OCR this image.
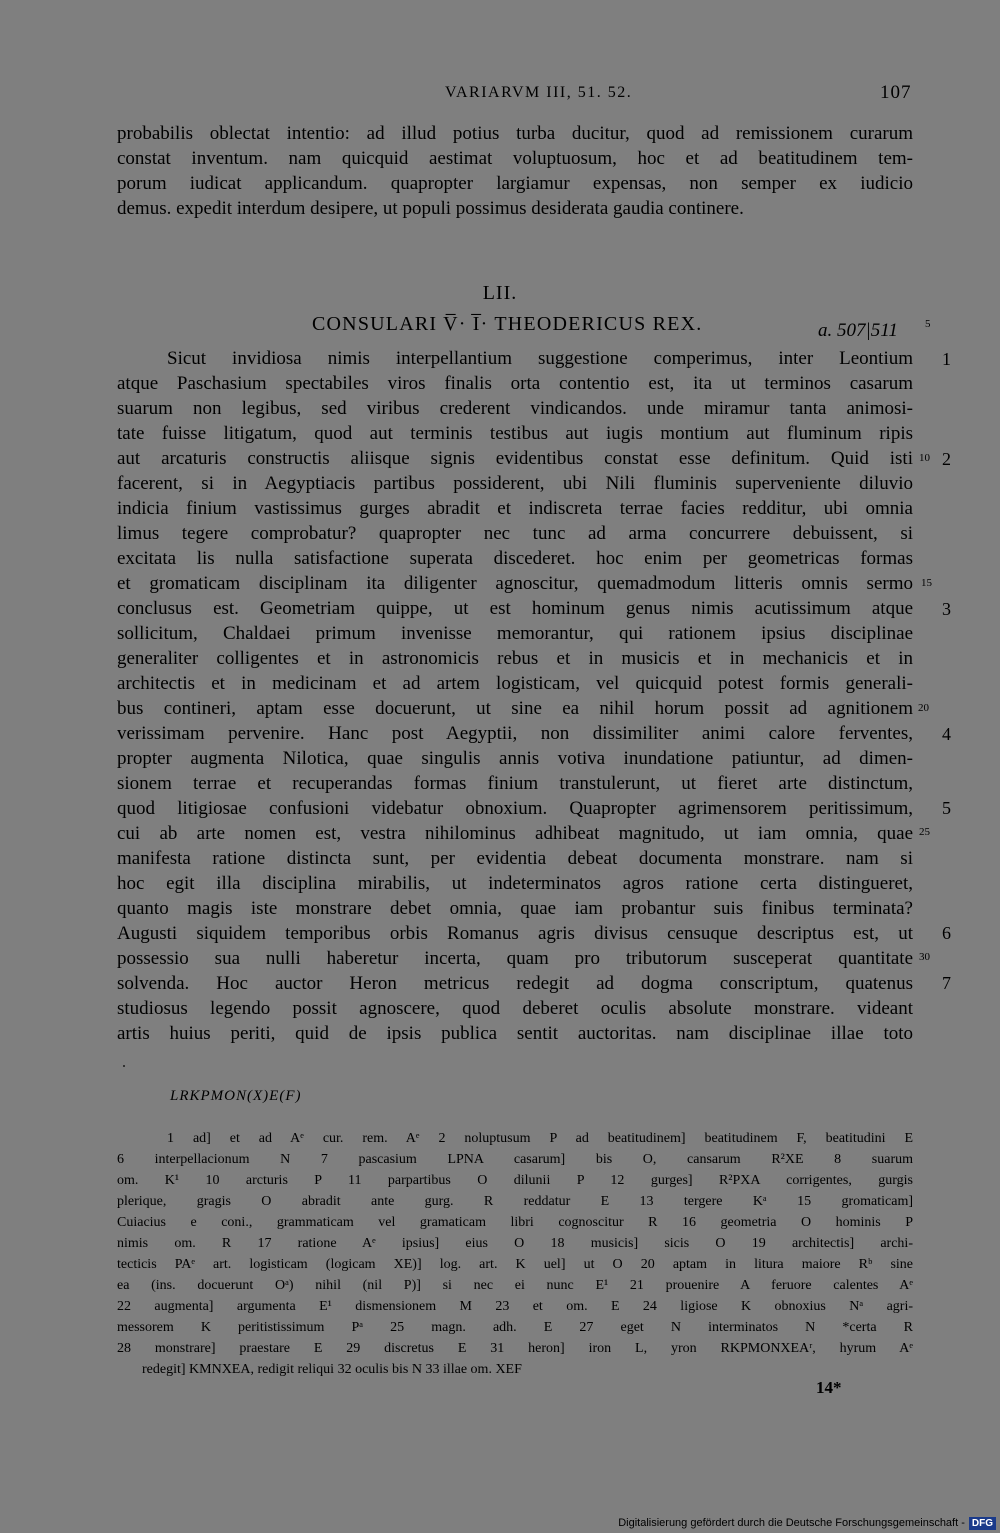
VARIARVM III, 51. 52.	107
probabilis oblectat intentio: ad illud potius turba ducitur, quod ad remissionem curarum
constat inventum. nam quicquid aestimat voluptuosum, hoc et ad beatitudinem tem-
porum iudicat applicandum. quapropter largiamur expensas, non semper ex iudicio
demus. expedit interdum desipere, ut populi possimus desiderata gaudia continere.
LII.
CONSULARI V̅· I̅· THEODERICUS REX.	a. 507|511 5
Sicut invidiosa nimis interpellantium suggestione comperimus, inter Leontium
atque Paschasium spectabiles viros finalis orta contentio est, ita ut terminos casarum
suarum non legibus, sed viribus crederent vindicandos. unde miramur tanta animosi-
tate fuisse litigatum, quod aut terminis testibus aut iugis montium aut fluminum ripis
aut arcaturis constructis aliisque signis evidentibus constat esse definitum. Quid isti
facerent, si in Aegyptiacis partibus possiderent, ubi Nili fluminis superveniente diluvio
indicia finium vastissimus gurges abradit et indiscreta terrae facies redditur, ubi omnia
limus tegere comprobatur? quapropter nec tunc ad arma concurrere debuissent, si
excitata lis nulla satisfactione superata discederet. hoc enim per geometricas formas
et gromaticam disciplinam ita diligenter agnoscitur, quemadmodum litteris omnis sermo
conclusus est. Geometriam quippe, ut est hominum genus nimis acutissimum atque
sollicitum, Chaldaei primum invenisse memorantur, qui rationem ipsius disciplinae
generaliter colligentes et in astronomicis rebus et in musicis et in mechanicis et in
architectis et in medicinam et ad artem logisticam, vel quicquid potest formis generali-
bus contineri, aptam esse docuerunt, ut sine ea nihil horum possit ad agnitionem
verissimam pervenire. Hanc post Aegyptii, non dissimiliter animi calore ferventes,
propter augmenta Nilotica, quae singulis annis votiva inundatione patiuntur, ad dimen-
sionem terrae et recuperandas formas finium transtulerunt, ut fieret arte distinctum,
quod litigiosae confusioni videbatur obnoxium. Quapropter agrimensorem peritissimum,
cui ab arte nomen est, vestra nihilominus adhibeat magnitudo, ut iam omnia, quae
manifesta ratione distincta sunt, per evidentia debeat documenta monstrare. nam si
hoc egit illa disciplina mirabilis, ut indeterminatos agros ratione certa distingueret,
quanto magis iste monstrare debet omnia, quae iam probantur suis finibus terminata?
Augusti siquidem temporibus orbis Romanus agris divisus censuque descriptus est, ut
possessio sua nulli haberetur incerta, quam pro tributorum susceperat quantitate
solvenda. Hoc auctor Heron metricus redegit ad dogma conscriptum, quatenus
studiosus legendo possit agnoscere, quod deberet oculis absolute monstrare. videant
artis huius periti, quid de ipsis publica sentit auctoritas. nam disciplinae illae toto
10
15
20
25
30
1
2
3
4
5
6
7
LRKPMON(X)E(F)
1 ad] et ad Aᵉ cur. rem. Aᵉ 2 noluptusum P ad beatitudinem] beatitudinem F, beatitudini E
6 interpellacionum N 7 pascasium LPNA casarum] bis O, cansarum R²XE 8 suarum
om. K¹ 10 arcturis P 11 parpartibus O dilunii P 12 gurges] R²PXA corrigentes, gurgis
plerique, gragis O abradit ante gurg. R reddatur E 13 tergere Kᵃ 15 gromaticam]
Cuiacius e coni., grammaticam vel gramaticam libri cognoscitur R 16 geometria O hominis P
nimis om. R 17 ratione Aᵉ ipsius] eius O 18 musicis] sicis O 19 architectis] archi-
tecticis PAᵉ art. logisticam (logicam XE)] log. art. K uel] ut O 20 aptam in litura maiore Rᵇ sine
ea (ins. docuerunt Oᵃ) nihil (nil P)] si nec ei nunc E¹ 21 prouenire A feruore calentes Aᵉ
22 augmenta] argumenta E¹ dismensionem M 23 et om. E 24 ligiose K obnoxius Nᵃ agri-
messorem K peritistissimum Pᵃ 25 magn. adh. E 27 eget N interminatos N *certa R
28 monstrare] praestare E 29 discretus E 31 heron] iron L, yron RKPMONXEAʳ, hyrum Aᵉ
redegit] KMNXEA, redigit reliqui 32 oculis bis N 33 illae om. XEF
14*
Digitalisierung gefördert durch die Deutsche Forschungsgemeinschaft - DFG
